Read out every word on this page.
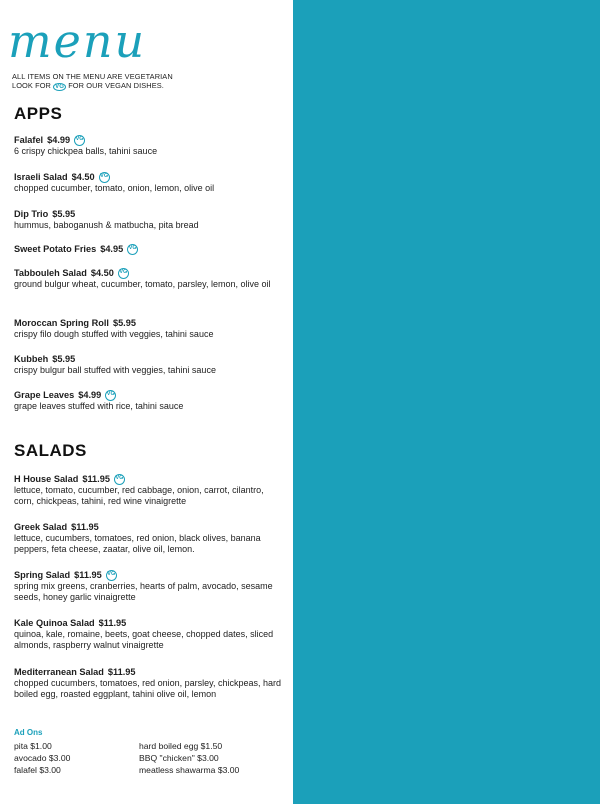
menu
ALL ITEMS ON THE MENU ARE VEGETARIAN
LOOK FOR VG FOR OUR VEGAN DISHES.
APPS
Falafel $4.99 VG
6 crispy chickpea balls, tahini sauce
Israeli Salad $4.50 VG
chopped cucumber, tomato, onion, lemon, olive oil
Dip Trio $5.95
hummus, baboganush & matbucha, pita bread
Sweet Potato Fries $4.95 VG
Tabbouleh Salad $4.50 VG
ground bulgur wheat, cucumber, tomato, parsley, lemon, olive oil
Moroccan Spring Roll $5.95
crispy filo dough stuffed with veggies, tahini sauce
Kubbeh $5.95
crispy bulgur ball stuffed with veggies, tahini sauce
Grape Leaves $4.99 VG
grape leaves stuffed with rice, tahini sauce
SALADS
H House Salad $11.95 VG
lettuce, tomato, cucumber, red cabbage, onion, carrot, cilantro, corn, chickpeas, tahini, red wine vinaigrette
Greek Salad $11.95
lettuce, cucumbers, tomatoes, red onion, black olives, banana peppers, feta cheese, zaatar, olive oil, lemon.
Spring Salad $11.95 VG
spring mix greens, cranberries, hearts of palm, avocado, sesame seeds, honey garlic vinaigrette
Kale Quinoa Salad $11.95
quinoa, kale, romaine, beets, goat cheese, chopped dates, sliced almonds, raspberry walnut vinaigrette
Mediterranean Salad $11.95
chopped cucumbers, tomatoes, red onion, parsley, chickpeas, hard boiled egg, roasted eggplant, tahini olive oil, lemon
Ad Ons
pita $1.00	hard boiled egg $1.50
avocado $3.00	BBQ "chicken" $3.00
falafel $3.00	meatless shawarma $3.00
